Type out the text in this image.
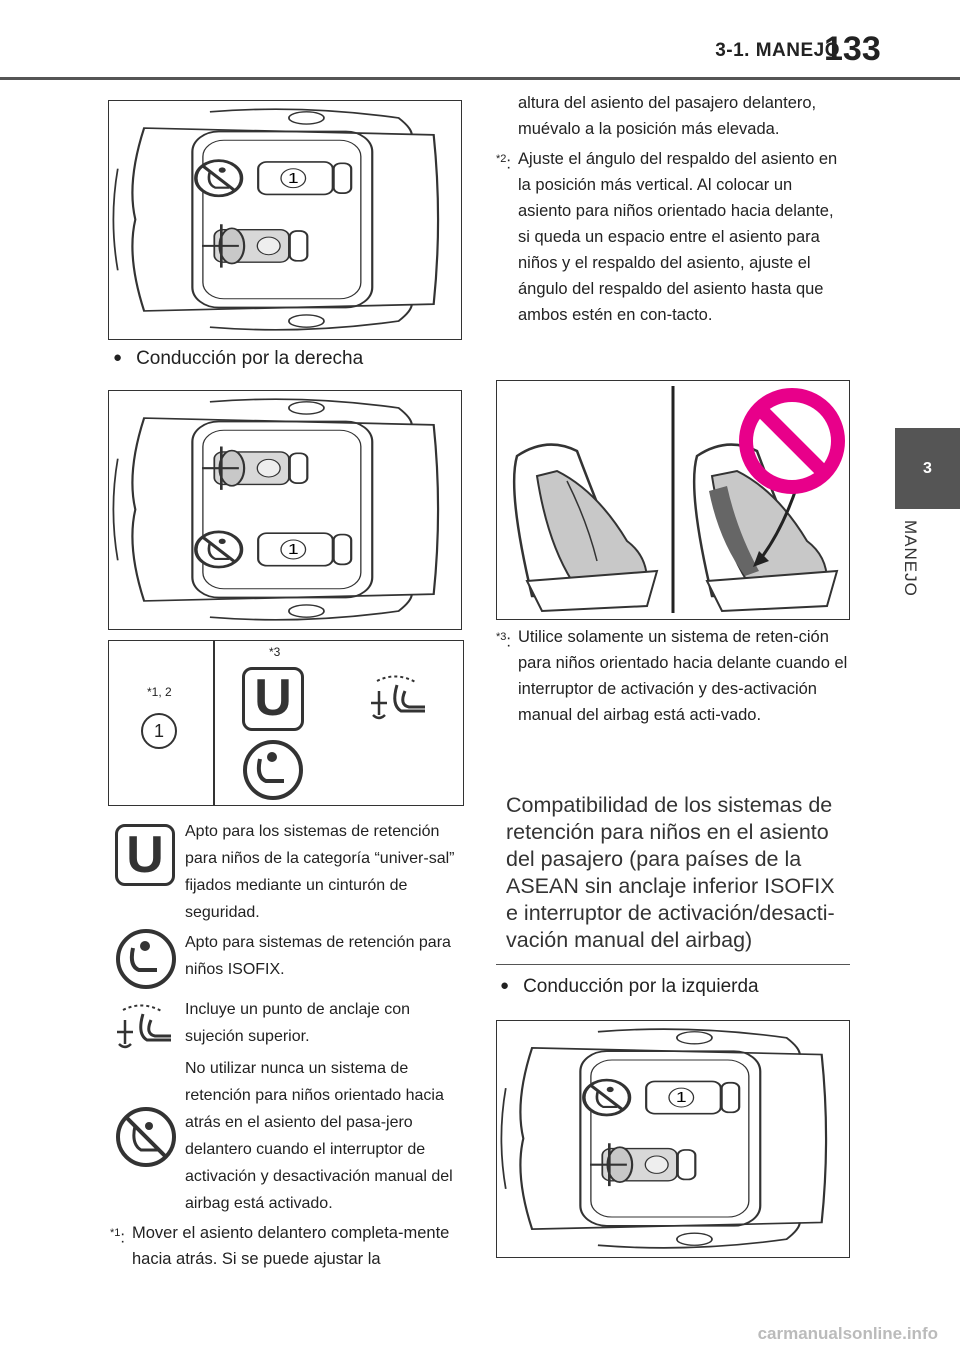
3-1. MANEJO
133
3
MANEJO
1
● Conducción por la derecha
1
*1, 2
1
*3
U
U	Apto para los sistemas de retención para niños de la categoría “univer-sal” fijados mediante un cinturón de seguridad.
Apto para sistemas de retención para niños ISOFIX.
Incluye un punto de anclaje con sujeción superior.
No utilizar nunca un sistema de retención para niños orientado hacia atrás en el asiento del pasa-jero delantero cuando el interruptor de activación y desactivación manual del airbag está activado.
$^{*1}$: Mover el asiento delantero completa-mente hacia atrás. Si se puede ajustar la
altura del asiento del pasajero delantero, muévalo a la posición más elevada.
$^{*2}$: Ajuste el ángulo del respaldo del asiento en la posición más vertical. Al colocar un asiento para niños orientado hacia delante, si queda un espacio entre el asiento para niños y el respaldo del asiento, ajuste el ángulo del respaldo del asiento hasta que ambos estén en con-tacto.
$^{*3}$: Utilice solamente un sistema de reten-ción para niños orientado hacia delante cuando el interruptor de activación y des-activación manual del airbag está acti-vado.
Compatibilidad de los sistemas de retención para niños en el asiento del pasajero (para países de la ASEAN sin anclaje inferior ISOFIX e interruptor de activación/desacti-vación manual del airbag)
● Conducción por la izquierda
1
carmanualsonline.info
